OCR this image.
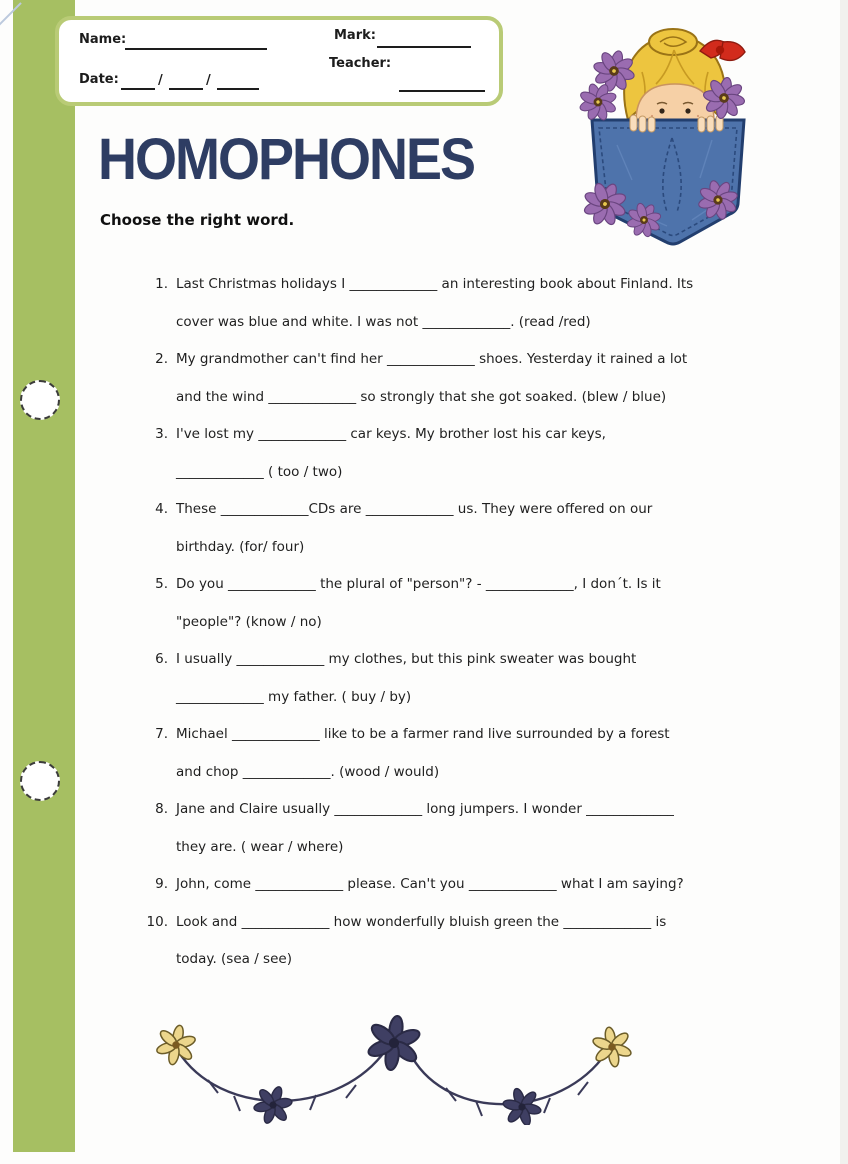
Name:	Mark:
Teacher:
Date:	/	/
HOMOPHONES
Choose the right word.
1. Last Christmas holidays I _____________ an interesting book about Finland. Its
cover was blue and white. I was not _____________. (read /red)
2. My grandmother can't find her _____________ shoes. Yesterday it rained a lot
and the wind _____________ so strongly that she got soaked. (blew / blue)
3. I've lost my _____________ car keys. My brother lost his car keys,
_____________ ( too / two)
4. These _____________CDs are _____________ us. They were offered on our
birthday. (for/ four)
5. Do you _____________ the plural of "person"? - _____________, I don´t. Is it
"people"? (know / no)
6. I usually _____________ my clothes, but this pink sweater was bought
_____________ my father. ( buy / by)
7. Michael _____________ like to be a farmer rand live surrounded by a forest
and chop _____________. (wood / would)
8. Jane and Claire usually _____________ long jumpers. I wonder _____________
they are. ( wear / where)
9. John, come _____________ please. Can't you _____________ what I am saying?
10. Look and _____________ how wonderfully bluish green the _____________ is
today. (sea / see)
